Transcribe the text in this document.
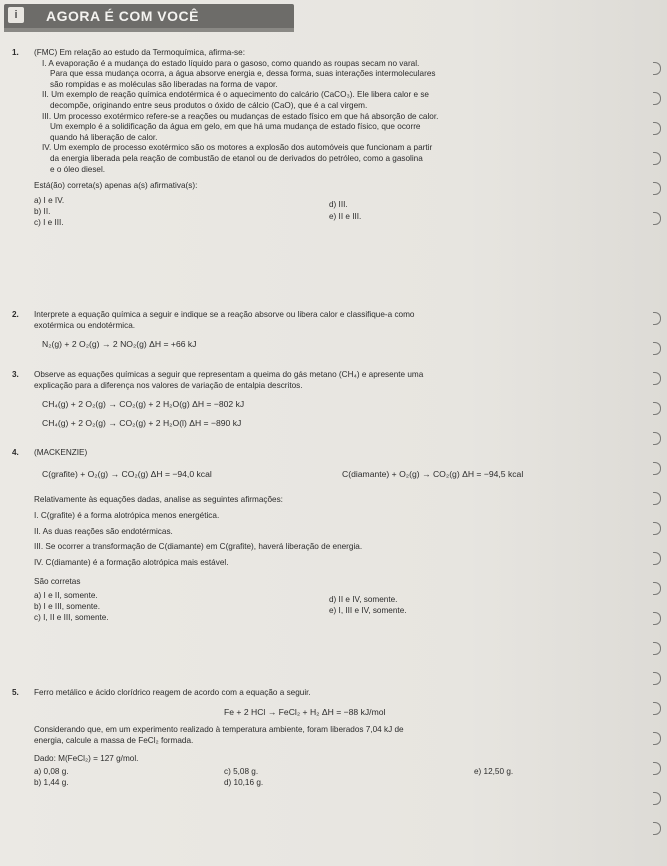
i	AGORA É COM VOCÊ
1. (FMC) Em relação ao estudo da Termoquímica, afirma-se:
I. A evaporação é a mudança do estado líquido para o gasoso, como quando as roupas secam no varal.
Para que essa mudança ocorra, a água absorve energia e, dessa forma, suas interações intermoleculares
são rompidas e as moléculas são liberadas na forma de vapor.
II. Um exemplo de reação química endotérmica é o aquecimento do calcário (CaCO₃). Ele libera calor e se
decompõe, originando entre seus produtos o óxido de cálcio (CaO), que é a cal virgem.
III. Um processo exotérmico refere-se a reações ou mudanças de estado físico em que há absorção de calor.
Um exemplo é a solidificação da água em gelo, em que há uma mudança de estado físico, que ocorre
quando há liberação de calor.
IV. Um exemplo de processo exotérmico são os motores a explosão dos automóveis que funcionam a partir
da energia liberada pela reação de combustão de etanol ou de derivados do petróleo, como a gasolina
e o óleo diesel.
Está(ão) correta(s) apenas a(s) afirmativa(s):
a) I e IV.
b) II.
c) I e III.
d) III.
e) II e III.
2. Interprete a equação química a seguir e indique se a reação absorve ou libera calor e classifique-a como
exotérmica ou endotérmica.
N₂(g) + 2 O₂(g) → 2 NO₂(g) ΔH = +66 kJ
3. Observe as equações químicas a seguir que representam a queima do gás metano (CH₄) e apresente uma
explicação para a diferença nos valores de variação de entalpia descritos.
CH₄(g) + 2 O₂(g) → CO₂(g) + 2 H₂O(g) ΔH = −802 kJ
CH₄(g) + 2 O₂(g) → CO₂(g) + 2 H₂O(l) ΔH = −890 kJ
4. (MACKENZIE)
C(grafite) + O₂(g) → CO₂(g) ΔH = −94,0 kcal	C(diamante) + O₂(g) → CO₂(g) ΔH = −94,5 kcal
Relativamente às equações dadas, analise as seguintes afirmações:
I. C(grafite) é a forma alotrópica menos energética.
II. As duas reações são endotérmicas.
III. Se ocorrer a transformação de C(diamante) em C(grafite), haverá liberação de energia.
IV. C(diamante) é a formação alotrópica mais estável.
São corretas
a) I e II, somente.
b) I e III, somente.
c) I, II e III, somente.
d) II e IV, somente.
e) I, III e IV, somente.
5. Ferro metálico e ácido clorídrico reagem de acordo com a equação a seguir.
Fe + 2 HCl → FeCl₂ + H₂ ΔH = −88 kJ/mol
Considerando que, em um experimento realizado à temperatura ambiente, foram liberados 7,04 kJ de
energia, calcule a massa de FeCl₂ formada.
Dado: M(FeCl₂) = 127 g/mol.
a) 0,08 g.
b) 1,44 g.
c) 5,08 g.
d) 10,16 g.
e) 12,50 g.
